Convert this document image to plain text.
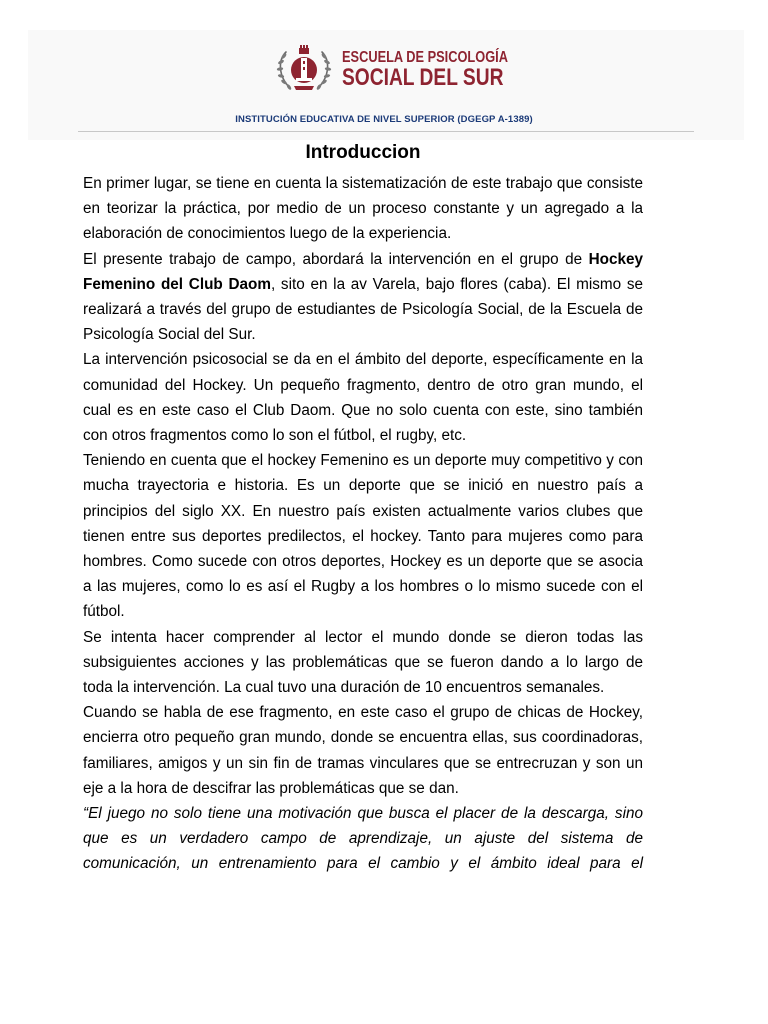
ESCUELA DE PSICOLOGÍA
SOCIAL DEL SUR
INSTITUCIÓN EDUCATIVA DE NIVEL SUPERIOR (DGEGP A-1389)
Introduccion

En primer lugar, se tiene en cuenta la sistematización de este trabajo que consiste en teorizar la práctica, por medio de un proceso constante y un agregado a la elaboración de conocimientos luego de la experiencia.

El presente trabajo de campo, abordará la intervención en el grupo de Hockey Femenino del Club Daom, sito en la av Varela, bajo flores (caba). El mismo se realizará a través del grupo de estudiantes de Psicología Social, de la Escuela de Psicología Social del Sur.

La intervención psicosocial se da en el ámbito del deporte, específicamente en la comunidad del Hockey. Un pequeño fragmento, dentro de otro gran mundo, el cual es en este caso el Club Daom. Que no solo cuenta con este, sino también con otros fragmentos como lo son el fútbol, el rugby, etc.

Teniendo en cuenta que el hockey Femenino es un deporte muy competitivo y con mucha trayectoria e historia. Es un deporte que se inició en nuestro país a principios del siglo XX. En nuestro país existen actualmente varios clubes que tienen entre sus deportes predilectos, el hockey. Tanto para mujeres como para hombres. Como sucede con otros deportes, Hockey es un deporte que se asocia a las mujeres, como lo es así el Rugby a los hombres o lo mismo sucede con el fútbol.

Se intenta hacer comprender al lector el mundo donde se dieron todas las subsiguientes acciones y las problemáticas que se fueron dando a lo largo de toda la intervención. La cual tuvo una duración de 10 encuentros semanales.

Cuando se habla de ese fragmento, en este caso el grupo de chicas de Hockey, encierra otro pequeño gran mundo, donde se encuentra ellas, sus coordinadoras, familiares, amigos y un sin fin de tramas vinculares que se entrecruzan y son un eje a la hora de descifrar las problemáticas que se dan.

“El juego no solo tiene una motivación que busca el placer de la descarga, sino que es un verdadero campo de aprendizaje, un ajuste del sistema de comunicación, un entrenamiento para el cambio y el ámbito ideal para el
